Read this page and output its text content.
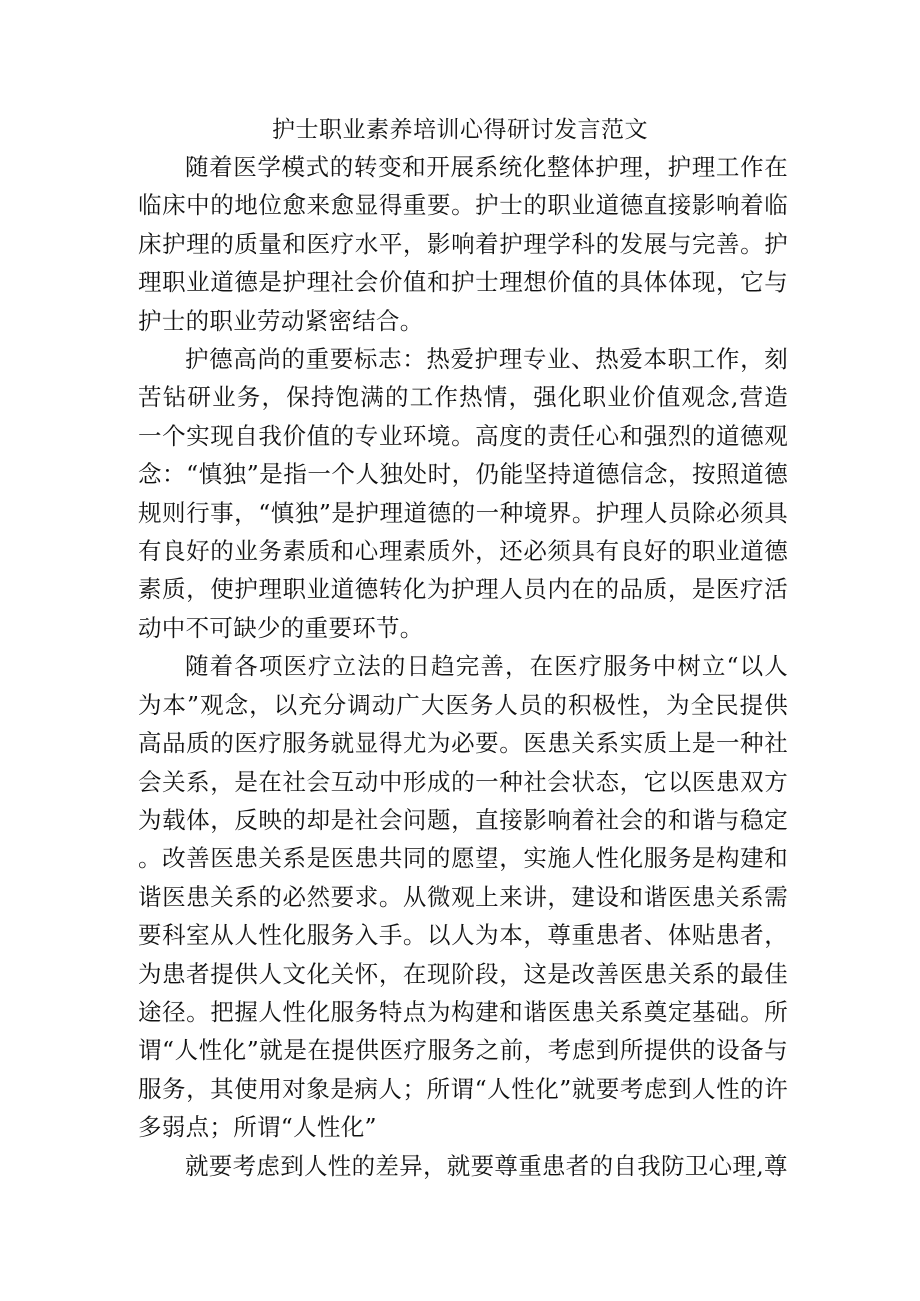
护士职业素养培训心得研讨发言范文

随着医学模式的转变和开展系统化整体护理，护理工作在临床中的地位愈来愈显得重要。护士的职业道德直接影响着临床护理的质量和医疗水平，影响着护理学科的发展与完善。护理职业道德是护理社会价值和护士理想价值的具体体现，它与护士的职业劳动紧密结合。

护德高尚的重要标志：热爱护理专业、热爱本职工作，刻苦钻研业务，保持饱满的工作热情，强化职业价值观念,营造一个实现自我价值的专业环境。高度的责任心和强烈的道德观念：“慎独”是指一个人独处时，仍能坚持道德信念，按照道德规则行事，“慎独”是护理道德的一种境界。护理人员除必须具有良好的业务素质和心理素质外，还必须具有良好的职业道德素质，使护理职业道德转化为护理人员内在的品质，是医疗活动中不可缺少的重要环节。

随着各项医疗立法的日趋完善，在医疗服务中树立“以人为本”观念，以充分调动广大医务人员的积极性，为全民提供高品质的医疗服务就显得尤为必要。医患关系实质上是一种社会关系，是在社会互动中形成的一种社会状态，它以医患双方为载体，反映的却是社会问题，直接影响着社会的和谐与稳定。改善医患关系是医患共同的愿望，实施人性化服务是构建和谐医患关系的必然要求。从微观上来讲，建设和谐医患关系需要科室从人性化服务入手。以人为本，尊重患者、体贴患者，为患者提供人文化关怀，在现阶段，这是改善医患关系的最佳途径。把握人性化服务特点为构建和谐医患关系奠定基础。所谓“人性化”就是在提供医疗服务之前，考虑到所提供的设备与服务，其使用对象是病人；所谓“人性化”就要考虑到人性的许多弱点；所谓“人性化”

就要考虑到人性的差异，就要尊重患者的自我防卫心理,尊
